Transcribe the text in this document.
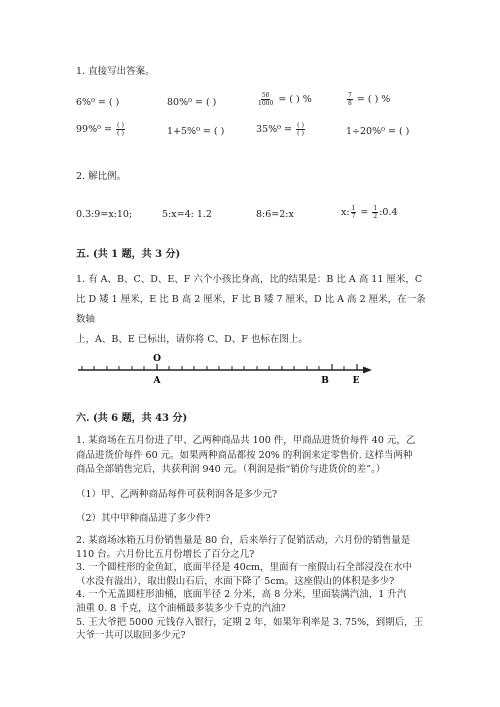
1. 直接写出答案。
6%⁰ = ( )	80%⁰ = ( )	$\frac{56}{1000}$ = ( ) %	$\frac{7}{8}$ = ( ) %
$99\%^0 = \frac{( )}{( )}$	1+5%⁰ = ( )	$35\%^0 = \frac{( )}{( )}$	1÷20%⁰ = ( )
2. 解比例。
0.3:9=x:10;	5:x=4: 1.2	8:6=2:x	x: $\frac{1}{7} = \frac{1}{2}$ :0.4
五. (共 1 题，共 3 分)
1. 有 A、B、C、D、E、F 六个小孩比身高，比的结果是：B 比 A 高 11 厘米，C
比 D 矮 1 厘米，E 比 B 高 2 厘米，F 比 B 矮 7 厘米，D 比 A 高 2 厘米，在一条数轴
上，A、B、E 已标出，请你将 C、D、F 也标在图上。
O
A	B	E
六. (共 6 题，共 43 分)
1. 某商场在五月份进了甲、乙两种商品共 100 件，甲商品进货价每件 40 元，乙
商品进货价每件 60 元。如果两种商品都按 20% 的利润来定零售价. 这样当两种
商品全部销售完后，共获利润 940 元。（利润是指“销价与进货价的差”。）
（1）甲、乙两种商品每件可获利润各是多少元?
（2）其中甲种商品进了多少件?
2. 某商场冰箱五月份销售量是 80 台，后来举行了促销活动，六月份的销售量是
110 台。六月份比五月份增长了百分之几?
3. 一个圆柱形的金鱼缸，底面半径是 40cm，里面有一座假山石全部浸没在水中
（水没有溢出），取出假山石后，水面下降了 5cm。这座假山的体积是多少?
4. 一个无盖圆柱形油桶，底面半径 2 分米，高 8 分米，里面装满汽油，1 升汽
油重 0. 8 千克，这个油桶最多装多少千克的汽油?
5. 王大爷把 5000 元钱存入银行，定期 2 年，如果年利率是 3. 75%，到期后，王
大爷一共可以取回多少元?
